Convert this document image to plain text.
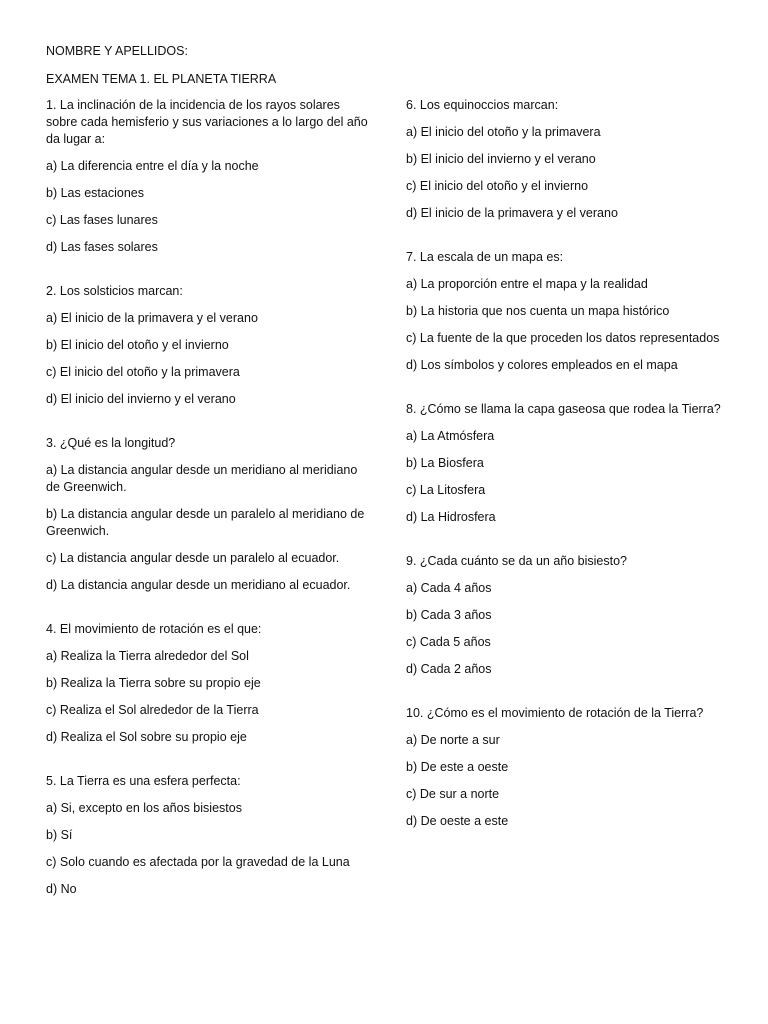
NOMBRE Y APELLIDOS:
EXAMEN TEMA 1. EL PLANETA TIERRA
1. La inclinación de la incidencia de los rayos solares sobre cada hemisferio y sus variaciones a lo largo del año da lugar a:
a) La diferencia entre el día y la noche
b) Las estaciones
c) Las fases lunares
d) Las fases solares
2. Los solsticios marcan:
a) El inicio de la primavera y el verano
b) El inicio del otoño y el invierno
c) El inicio del otoño y la primavera
d) El inicio del invierno y el verano
3. ¿Qué es la longitud?
a) La distancia angular desde un meridiano al meridiano de Greenwich.
b) La distancia angular desde un paralelo al meridiano de Greenwich.
c) La distancia angular desde un paralelo al ecuador.
d) La distancia angular desde un meridiano al ecuador.
4. El movimiento de rotación es el que:
a) Realiza la Tierra alrededor del Sol
b) Realiza la Tierra sobre su propio eje
c) Realiza el Sol alrededor de la Tierra
d) Realiza el Sol sobre su propio eje
5. La Tierra es una esfera perfecta:
a) Si, excepto en los años bisiestos
b) Sí
c) Solo cuando es afectada por la gravedad de la Luna
d) No
6. Los equinoccios marcan:
a) El inicio del otoño y la primavera
b) El inicio del invierno y el verano
c) El inicio del otoño y el invierno
d) El inicio de la primavera y el verano
7. La escala de un mapa es:
a) La proporción entre el mapa y la realidad
b) La historia que nos cuenta un mapa histórico
c) La fuente de la que proceden los datos representados
d) Los símbolos y colores empleados en el mapa
8. ¿Cómo se llama la capa gaseosa que rodea la Tierra?
a) La Atmósfera
b) La Biosfera
c) La Litosfera
d) La Hidrosfera
9. ¿Cada cuánto se da un año bisiesto?
a) Cada 4 años
b) Cada 3 años
c) Cada 5 años
d) Cada 2 años
10. ¿Cómo es el movimiento de rotación de la Tierra?
a) De norte a sur
b) De este a oeste
c) De sur a norte
d) De oeste a este
